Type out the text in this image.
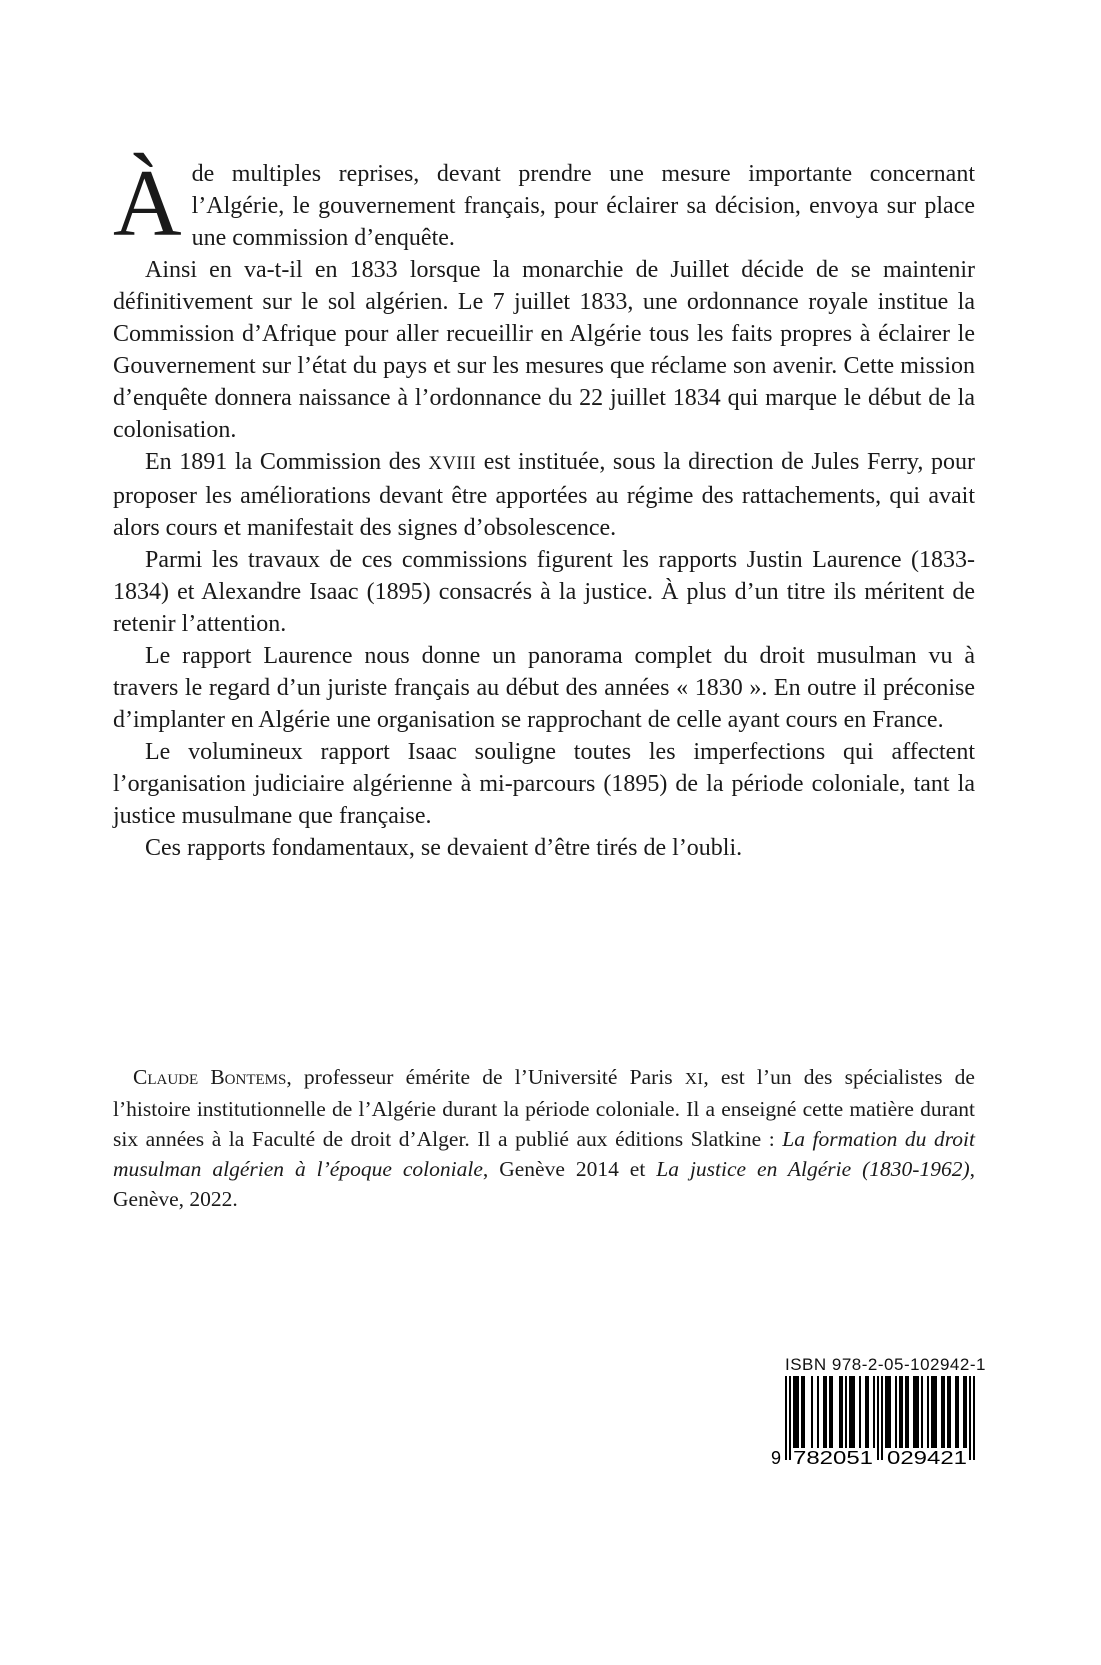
Àde multiples reprises, devant prendre une mesure importante concernant l’Algérie, le gouvernement français, pour éclairer sa décision, envoya sur place une commission d’enquête.

Ainsi en va-t-il en 1833 lorsque la monarchie de Juillet décide de se maintenir définitivement sur le sol algérien. Le 7 juillet 1833, une ordonnance royale institue la Commission d’Afrique pour aller recueillir en Algérie tous les faits propres à éclairer le Gouvernement sur l’état du pays et sur les mesures que réclame son avenir. Cette mission d’enquête donnera naissance à l’ordonnance du 22 juillet 1834 qui marque le début de la colonisation.

En 1891 la Commission des XVIII est instituée, sous la direction de Jules Ferry, pour proposer les améliorations devant être apportées au régime des rattachements, qui avait alors cours et manifestait des signes d’obsolescence.

Parmi les travaux de ces commissions figurent les rapports Justin Laurence (1833-1834) et Alexandre Isaac (1895) consacrés à la justice. À plus d’un titre ils méritent de retenir l’attention.

Le rapport Laurence nous donne un panorama complet du droit musulman vu à travers le regard d’un juriste français au début des années « 1830 ». En outre il préconise d’implanter en Algérie une organisation se rapprochant de celle ayant cours en France.

Le volumineux rapport Isaac souligne toutes les imperfections qui affectent l’organisation judiciaire algérienne à mi-parcours (1895) de la période coloniale, tant la justice musulmane que française.

Ces rapports fondamentaux, se devaient d’être tirés de l’oubli.

Claude Bontems, professeur émérite de l’Université Paris XI, est l’un des spécialistes de l’histoire institutionnelle de l’Algérie durant la période coloniale. Il a enseigné cette matière durant six années à la Faculté de droit d’Alger. Il a publié aux éditions Slatkine : La formation du droit musulman algérien à l’époque coloniale, Genève 2014 et La justice en Algérie (1830-1962), Genève, 2022.

ISBN 978-2-05-102942-1
9 782051 029421
